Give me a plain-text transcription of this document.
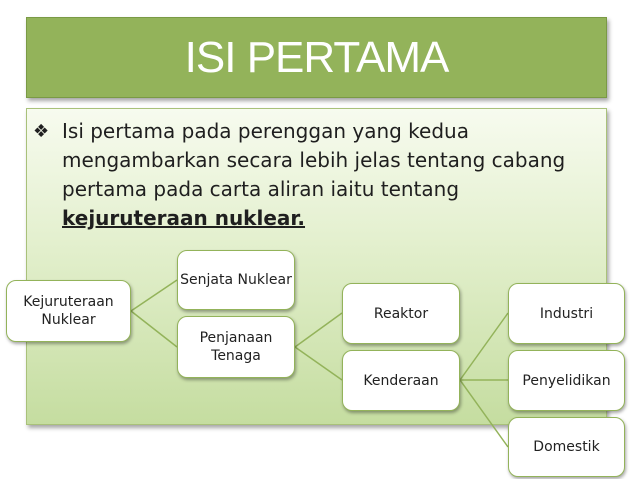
ISI PERTAMA
❖ Isi pertama pada perenggan yang kedua mengambarkan secara lebih jelas tentang cabang pertama pada carta aliran iaitu tentang kejuruteraan nuklear.
Kejuruteraan Nuklear
Senjata Nuklear
Penjanaan Tenaga
Reaktor
Kenderaan
Industri
Penyelidikan
Domestik
